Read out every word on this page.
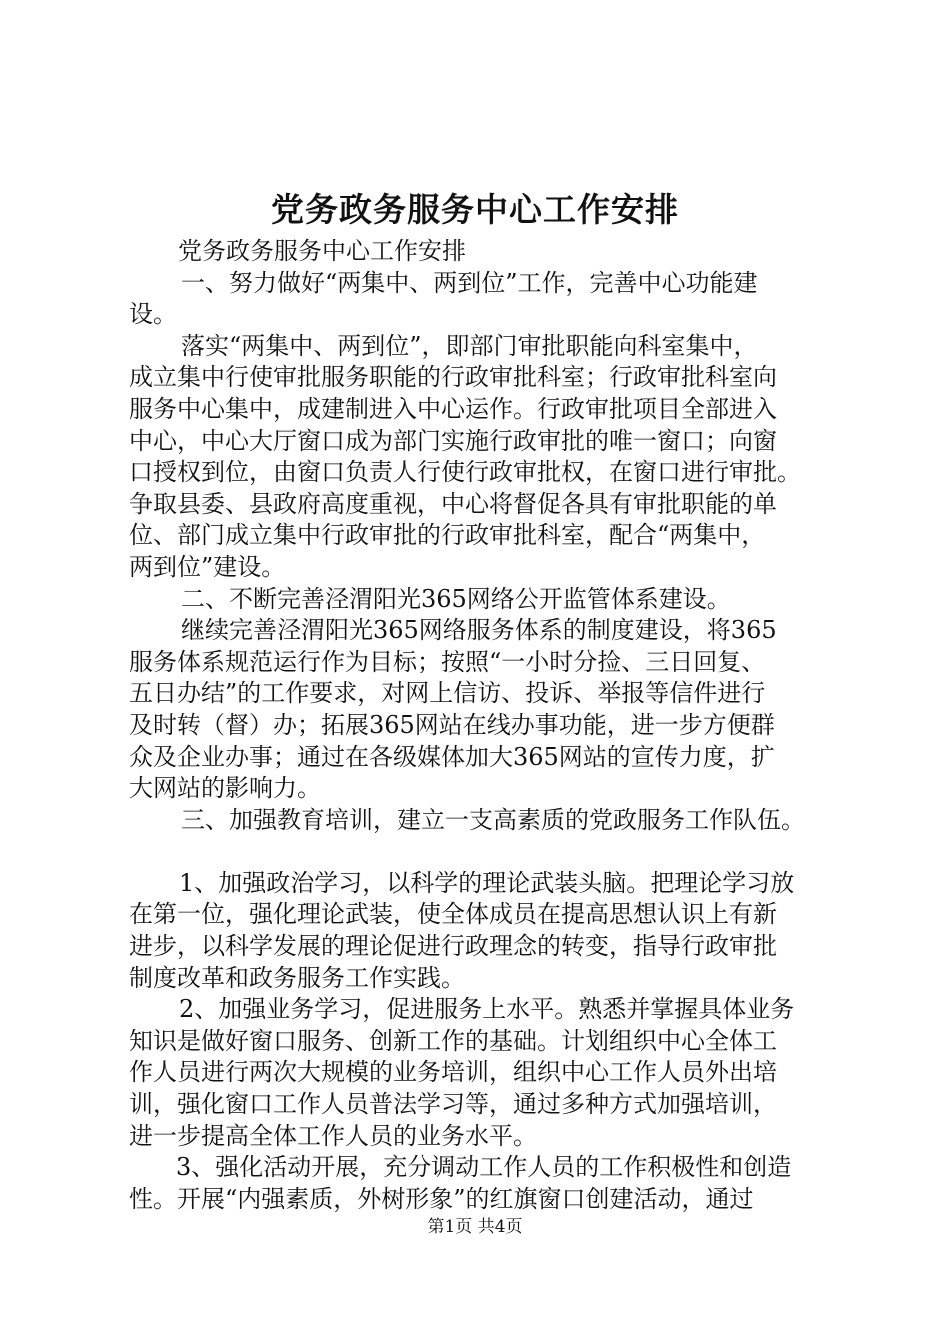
党务政务服务中心工作安排
党务政务服务中心工作安排
一、努力做好“两集中、两到位”工作，完善中心功能建
设。
落实“两集中、两到位”，即部门审批职能向科室集中，
成立集中行使审批服务职能的行政审批科室；行政审批科室向
服务中心集中，成建制进入中心运作。行政审批项目全部进入
中心，中心大厅窗口成为部门实施行政审批的唯一窗口；向窗
口授权到位，由窗口负责人行使行政审批权，在窗口进行审批。
争取县委、县政府高度重视，中心将督促各具有审批职能的单
位、部门成立集中行政审批的行政审批科室，配合“两集中，
两到位”建设。
二、不断完善泾渭阳光365网络公开监管体系建设。
继续完善泾渭阳光365网络服务体系的制度建设，将365
服务体系规范运行作为目标；按照“一小时分捡、三日回复、
五日办结”的工作要求，对网上信访、投诉、举报等信件进行
及时转（督）办；拓展365网站在线办事功能，进一步方便群
众及企业办事；通过在各级媒体加大365网站的宣传力度，扩
大网站的影响力。
三、加强教育培训，建立一支高素质的党政服务工作队伍。
1、加强政治学习，以科学的理论武装头脑。把理论学习放
在第一位，强化理论武装，使全体成员在提高思想认识上有新
进步，以科学发展的理论促进行政理念的转变，指导行政审批
制度改革和政务服务工作实践。
2、加强业务学习，促进服务上水平。熟悉并掌握具体业务
知识是做好窗口服务、创新工作的基础。计划组织中心全体工
作人员进行两次大规模的业务培训，组织中心工作人员外出培
训，强化窗口工作人员普法学习等，通过多种方式加强培训，
进一步提高全体工作人员的业务水平。
3、强化活动开展，充分调动工作人员的工作积极性和创造
性。开展“内强素质，外树形象”的红旗窗口创建活动，通过
第1页 共4页
